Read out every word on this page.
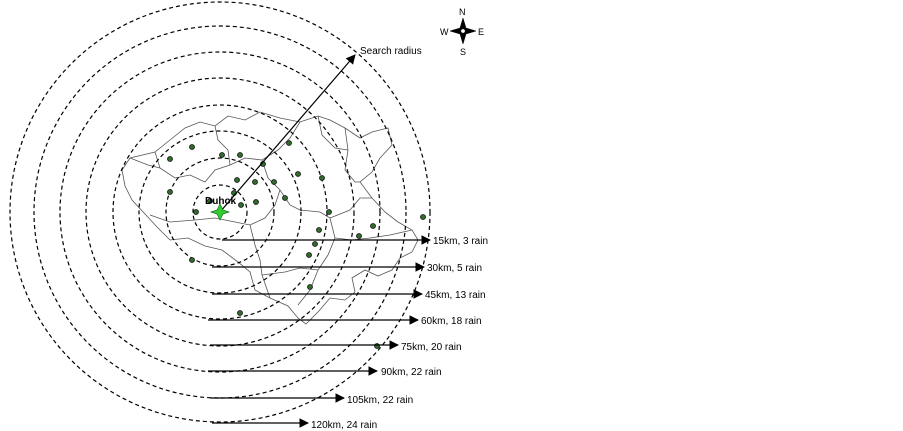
Search radius
15km, 3 rain
30km, 5 rain
45km, 13 rain
60km, 18 rain
75km, 20 rain
90km, 22 rain
105km, 22 rain
120km, 24 rain
Duhok
N
E
S
W
